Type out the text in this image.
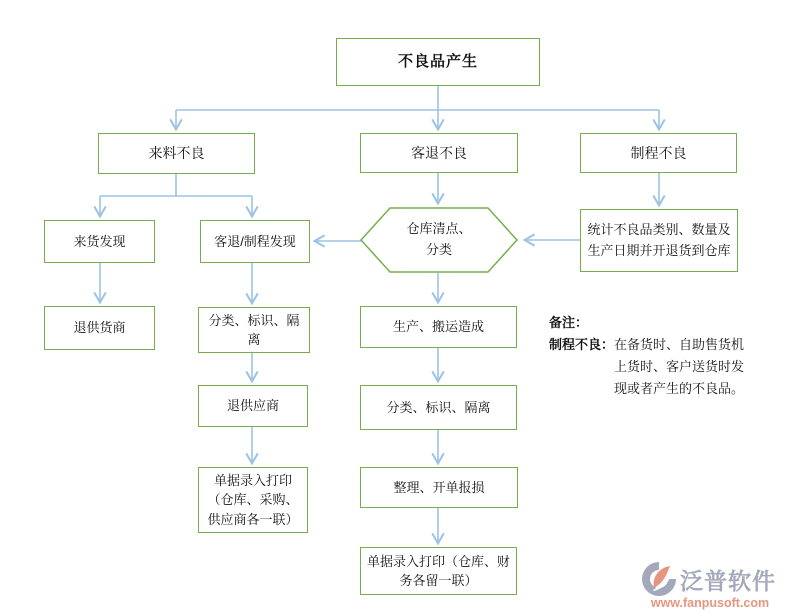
不良品产生
来料不良	客退不良	制程不良
来货发现	客退/制程发现
仓库清点、分类
统计不良品类别、数量及生产日期并开退货到仓库
退供货商
分类、标识、隔离
生产、搬运造成
退供应商	分类、标识、隔离
整理、开单报损
单据录入打印（仓库、采购、供应商各一联）
单据录入打印（仓库、财务各留一联）
备注：
制程不良： 在备货时、自助售货机上货时、客户送货时发现或者产生的不良品。
泛普软件
www.fanpusoft.com
